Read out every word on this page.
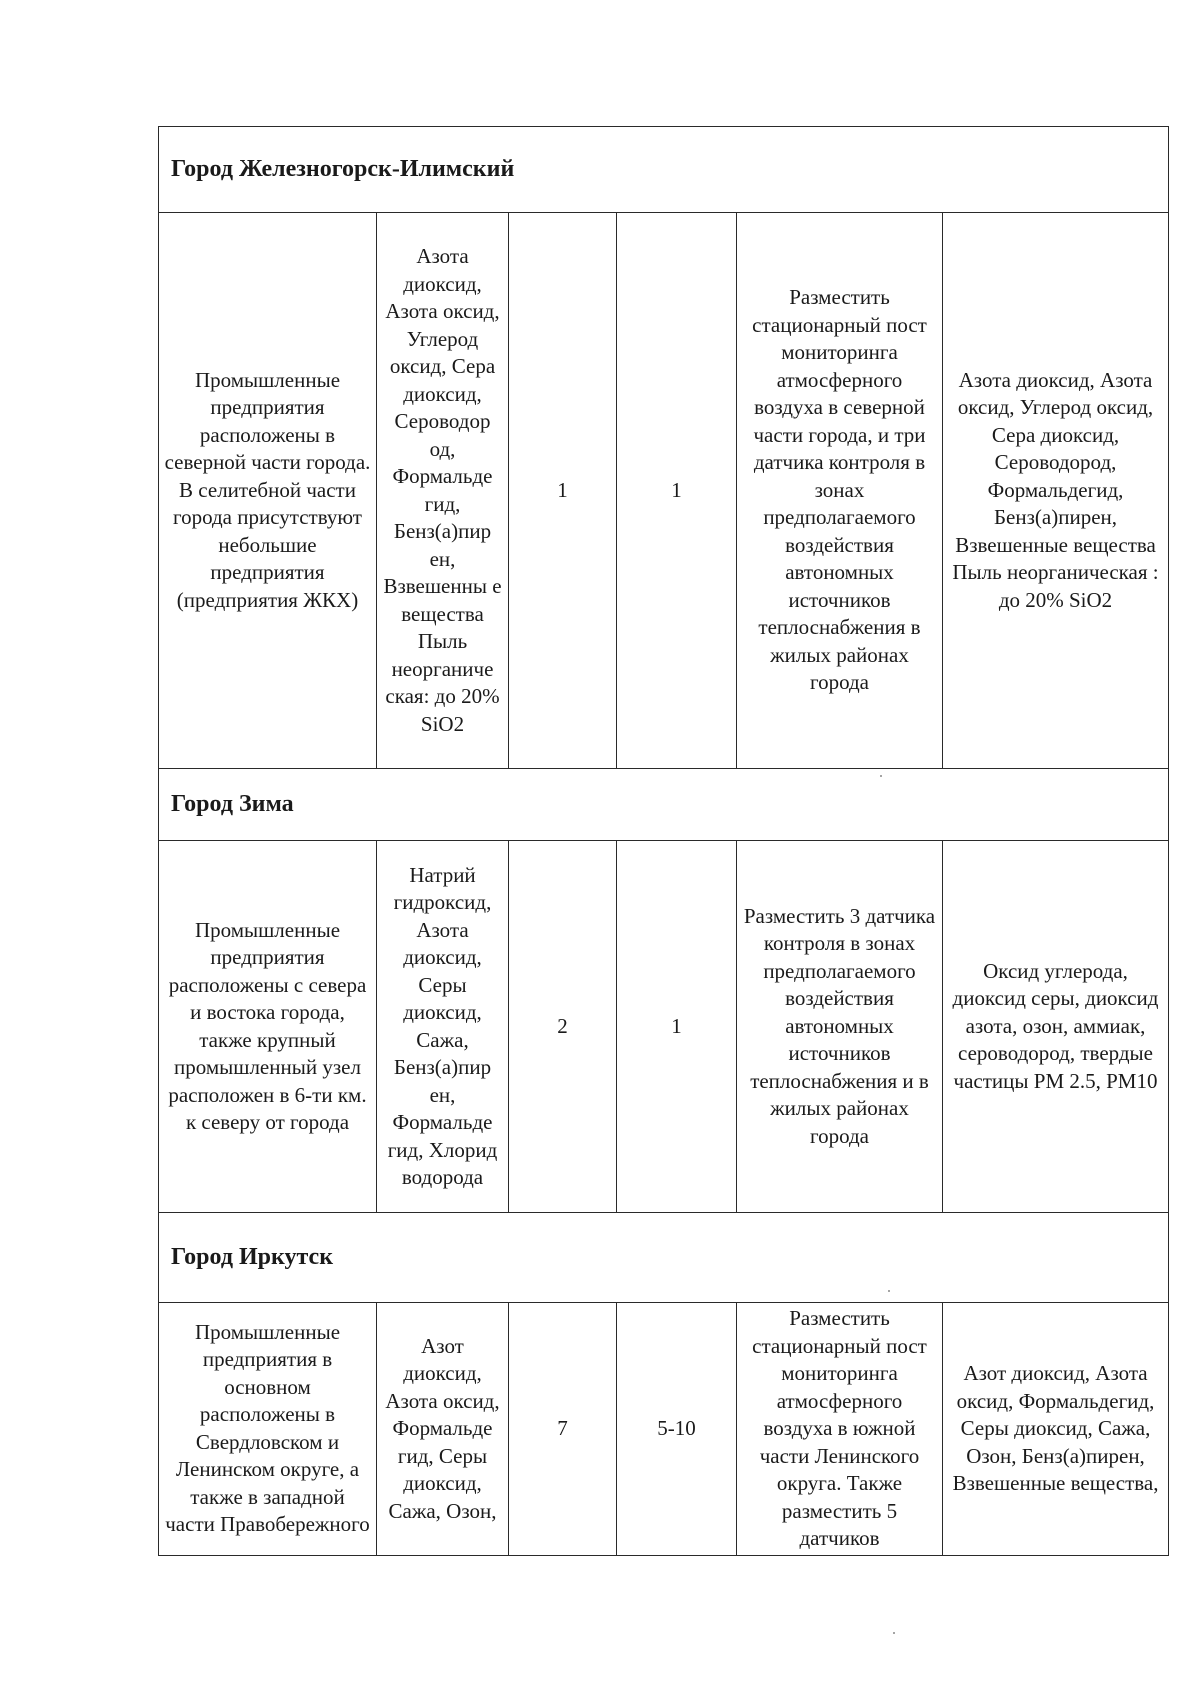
Город Железногорск-Илимский					
Промышленные предприятия расположены в северной части города. В селитебной части города присутствуют небольшие предприятия (предприятия ЖКХ)	Азота диоксид, Азота оксид, Углерод оксид, Сера диоксид, Сероводор од, Формальде гид, Бенз(а)пир ен, Взвешенны е вещества Пыль неорганиче ская: до 20% SiO2	1	1	Разместить стационарный пост мониторинга атмосферного воздуха в северной части города, и три датчика контроля в зонах предполагаемого воздействия автономных источников теплоснабжения в жилых районах города	Азота диоксид, Азота оксид, Углерод оксид, Сера диоксид, Сероводород, Формальдегид, Бенз(а)пирен, Взвешенные вещества Пыль неорганическая : до 20% SiO2
Город Зима					
Промышленные предприятия расположены с севера и востока города, также крупный промышленный узел расположен в 6-ти км. к северу от города	Натрий гидроксид, Азота диоксид, Серы диоксид, Сажа, Бенз(а)пир ен, Формальде гид, Хлорид водорода	2	1	Разместить 3 датчика контроля в зонах предполагаемого воздействия автономных источников теплоснабжения и в жилых районах города	Оксид углерода, диоксид серы, диоксид азота, озон, аммиак, сероводород, твердые частицы PM 2.5, PM10
Город Иркутск					
Промышленные предприятия в основном расположены в Свердловском и Ленинском округе, а также в западной части Правобережного	Азот диоксид, Азота оксид, Формальде гид, Серы диоксид, Сажа, Озон,	7	5-10	Разместить стационарный пост мониторинга атмосферного воздуха в южной части Ленинского округа. Также разместить 5 датчиков	Азот диоксид, Азота оксид, Формальдегид, Серы диоксид, Сажа, Озон, Бенз(а)пирен, Взвешенные вещества,
